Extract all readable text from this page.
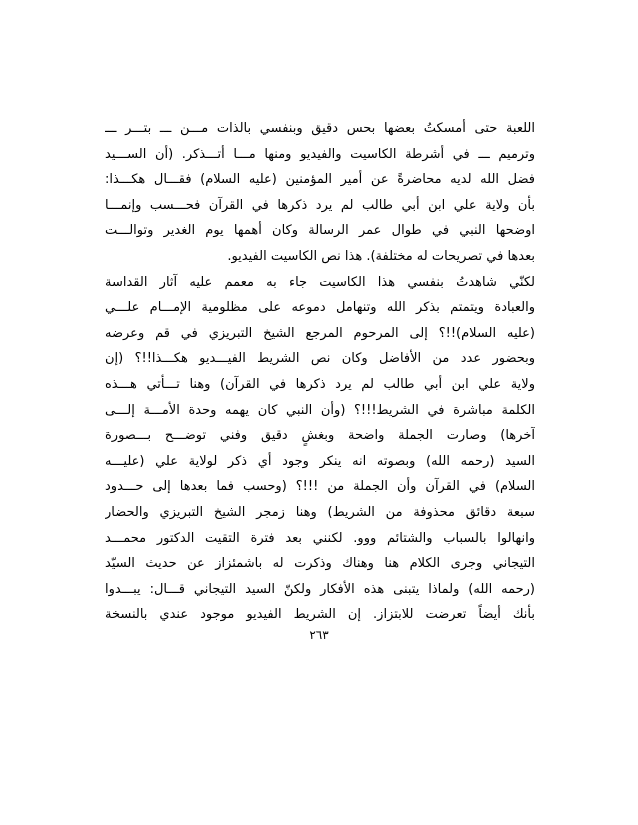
اللعبة حتى أمسكتُ بعضها بحس دقيق وبنفسي بالذات مـــن ـــ بتـــر ـــ
وترميم ـــ في أشرطة الكاسيت والفيديو ومنها مـــا أتـــذكر. (أن الســـيد
فضل الله لديه محاضرةً عن أمير المؤمنين (عليه السلام) فقـــال هكـــذا:
بأن ولاية علي ابن أبي طالب لم يرد ذكرها في القرآن فحـــسب وإنمـــا
اوضحها النبي في طوال عمر الرسالة وكان أهمها يوم الغدير وتوالـــت
بعدها في تصريحات له مختلفة). هذا نص الكاسيت الفيديو.
لكنّي شاهدتُ بنفسي هذا الكاسيت جاء به معمم عليه آثار القداسة
والعبادة ويتمتم بذكر الله وتنهامل دموعه على مظلومية الإمـــام علـــي
(عليه السلام)!!؟ إلى المرحوم المرجع الشيخ التبريزي في قم وعرضه
وبحضور عدد من الأفاضل وكان نص الشريط الفيـــديو هكـــذا!!؟ (إن
ولاية علي ابن أبي طالب لم يرد ذكرها في القرآن) وهنا تـــأتي هـــذه
الكلمة مباشرة في الشريط!!!؟ (وأن النبي كان يهمه وحدة الأمـــة إلـــى
آخرها) وصارت الجملة واضحة وبغشٍ دقيق وفني توضـــح بـــصورة
السيد (رحمه الله) وبصوته انه ينكر وجود أي ذكر لولاية علي (عليـــه
السلام) في القرآن وأن الجملة من !!!؟ (وحسب فما بعدها إلى حـــدود
سبعة دقائق محذوفة من الشريط) وهنا زمجر الشيخ التبريزي والحضار
وانهالوا بالسباب والشتائم ووو. لكنني بعد فترة التقيت الدكتور محمـــد
التيجاني وجرى الكلام هنا وهناك وذكرت له باشمئزاز عن حديث السيّد
(رحمه الله) ولماذا يتبنى هذه الأفكار ولكنّ السيد التيجاني قـــال: يبـــدوا
بأنك أيضاً تعرضت للابتزاز. إن الشريط الفيديو موجود عندي بالنسخة
٢٦٣
